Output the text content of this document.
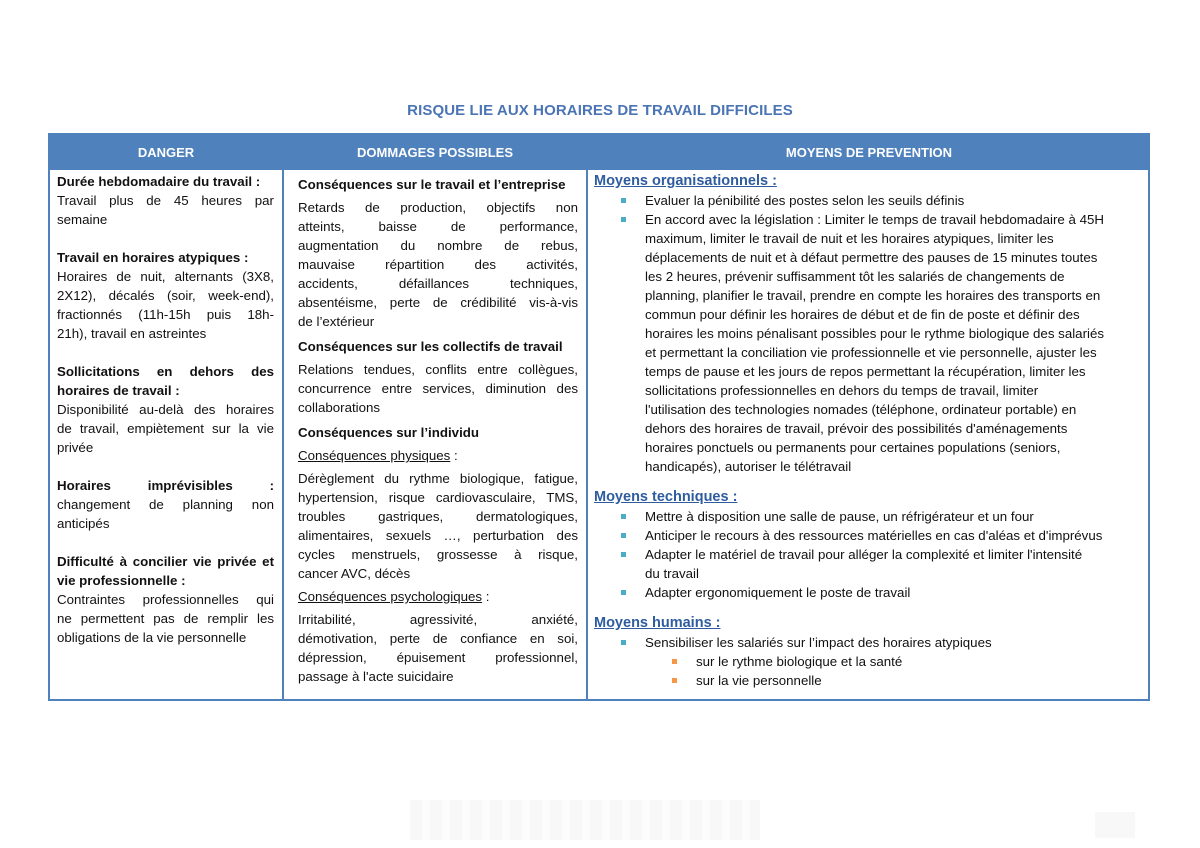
RISQUE LIE AUX HORAIRES DE TRAVAIL DIFFICILES
DANGER	DOMMAGES POSSIBLES	MOYENS DE PREVENTION
Durée hebdomadaire du travail :
Travail plus de 45 heures par
semaine
Travail en horaires atypiques :
Horaires de nuit, alternants (3X8,
2X12), décalés (soir, week-end),
fractionnés (11h-15h puis 18h-
21h), travail en astreintes
Sollicitations en dehors des
horaires de travail :
Disponibilité au-delà des horaires
de travail, empiètement sur la vie
privée
Horaires imprévisibles :
changement de planning non
anticipés
Difficulté à concilier vie privée et
vie professionnelle :
Contraintes professionnelles qui
ne permettent pas de remplir les
obligations de la vie personnelle
Conséquences sur le travail et l’entreprise
Retards de production, objectifs non
atteints, baisse de performance,
augmentation du nombre de rebus,
mauvaise répartition des activités,
accidents, défaillances techniques,
absentéisme, perte de crédibilité vis-à-vis
de l’extérieur
Conséquences sur les collectifs de travail
Relations tendues, conflits entre collègues,
concurrence entre services, diminution des
collaborations
Conséquences sur l’individu
Conséquences physiques :
Dérèglement du rythme biologique, fatigue,
hypertension, risque cardiovasculaire, TMS,
troubles gastriques, dermatologiques,
alimentaires, sexuels …, perturbation des
cycles menstruels, grossesse à risque,
cancer AVC, décès
Conséquences psychologiques :
Irritabilité, agressivité, anxiété,
démotivation, perte de confiance en soi,
dépression, épuisement professionnel,
passage à l'acte suicidaire
Moyens organisationnels :
Evaluer la pénibilité des postes selon les seuils définis
En accord avec la législation : Limiter le temps de travail hebdomadaire à 45H
maximum, limiter le travail de nuit et les horaires atypiques, limiter les
déplacements de nuit et à défaut permettre des pauses de 15 minutes toutes
les 2 heures, prévenir suffisamment tôt les salariés de changements de
planning, planifier le travail, prendre en compte les horaires des transports en
commun pour définir les horaires de début et de fin de poste et définir des
horaires les moins pénalisant possibles pour le rythme biologique des salariés
et permettant la conciliation vie professionnelle et vie personnelle, ajuster les
temps de pause et les jours de repos permettant la récupération, limiter les
sollicitations professionnelles en dehors du temps de travail, limiter
l'utilisation des technologies nomades (téléphone, ordinateur portable) en
dehors des horaires de travail, prévoir des possibilités d'aménagements
horaires ponctuels ou permanents pour certaines populations (seniors,
handicapés), autoriser le télétravail
Moyens techniques :
Mettre à disposition une salle de pause, un réfrigérateur et un four
Anticiper le recours à des ressources matérielles en cas d'aléas et d'imprévus
Adapter le matériel de travail pour alléger la complexité et limiter l'intensité
du travail
Adapter ergonomiquement le poste de travail
Moyens humains :
Sensibiliser les salariés sur l’impact des horaires atypiques
sur le rythme biologique et la santé
sur la vie personnelle
